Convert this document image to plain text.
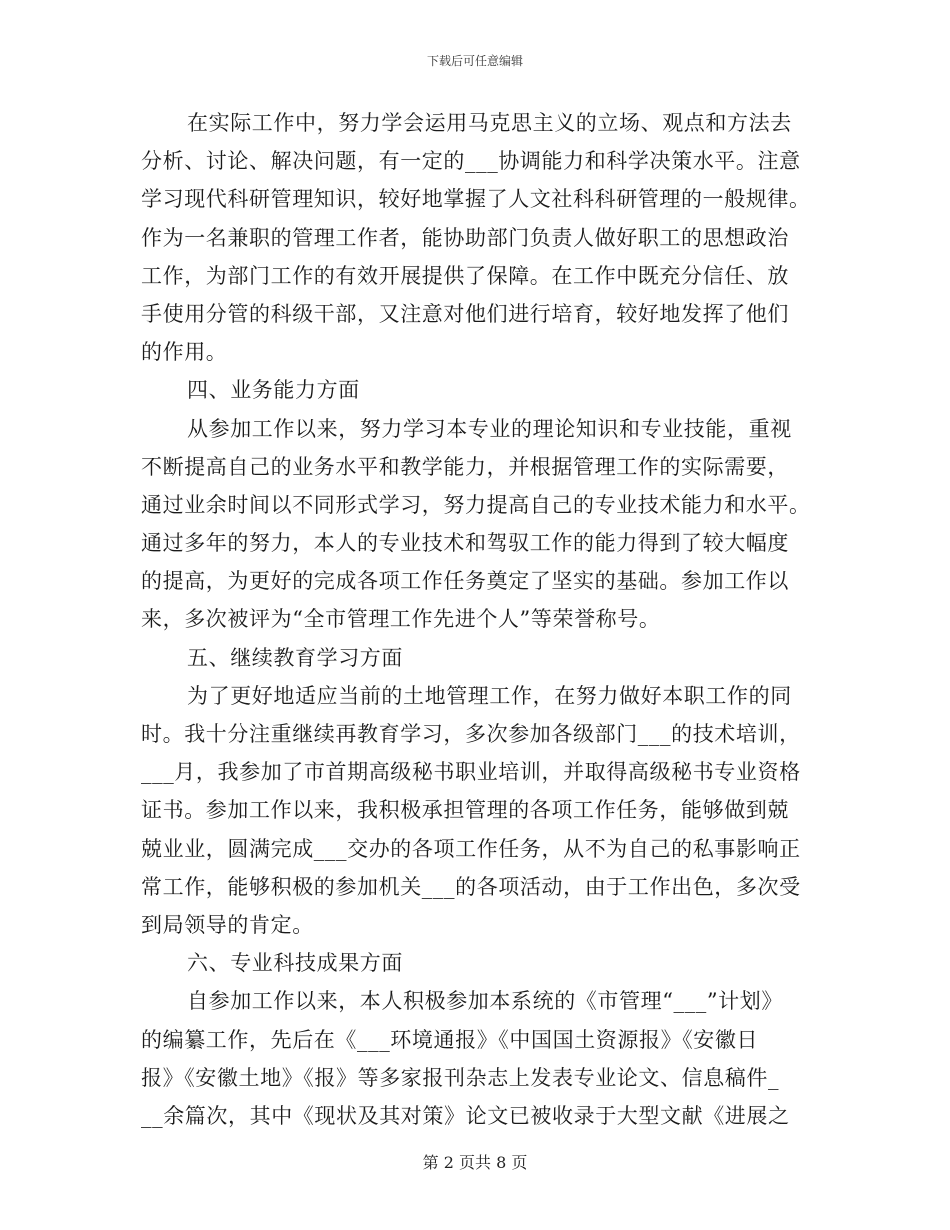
下载后可任意编辑
在实际工作中，努力学会运用马克思主义的立场、观点和方法去
分析、讨论、解决问题，有一定的___协调能力和科学决策水平。注意
学习现代科研管理知识，较好地掌握了人文社科科研管理的一般规律。
作为一名兼职的管理工作者，能协助部门负责人做好职工的思想政治
工作，为部门工作的有效开展提供了保障。在工作中既充分信任、放
手使用分管的科级干部，又注意对他们进行培育，较好地发挥了他们
的作用。
四、业务能力方面
从参加工作以来，努力学习本专业的理论知识和专业技能，重视
不断提高自己的业务水平和教学能力，并根据管理工作的实际需要，
通过业余时间以不同形式学习，努力提高自己的专业技术能力和水平。
通过多年的努力，本人的专业技术和驾驭工作的能力得到了较大幅度
的提高，为更好的完成各项工作任务奠定了坚实的基础。参加工作以
来，多次被评为“全市管理工作先进个人”等荣誉称号。
五、继续教育学习方面
为了更好地适应当前的土地管理工作，在努力做好本职工作的同
时。我十分注重继续再教育学习，多次参加各级部门___的技术培训，
___月，我参加了市首期高级秘书职业培训，并取得高级秘书专业资格
证书。参加工作以来，我积极承担管理的各项工作任务，能够做到兢
兢业业，圆满完成___交办的各项工作任务，从不为自己的私事影响正
常工作，能够积极的参加机关___的各项活动，由于工作出色，多次受
到局领导的肯定。
六、专业科技成果方面
自参加工作以来，本人积极参加本系统的《市管理“___”计划》
的编纂工作，先后在《___环境通报》《中国国土资源报》《安徽日
报》《安徽土地》《报》等多家报刊杂志上发表专业论文、信息稿件_
__余篇次，其中《现状及其对策》论文已被收录于大型文献《进展之
第 2 页共 8 页
